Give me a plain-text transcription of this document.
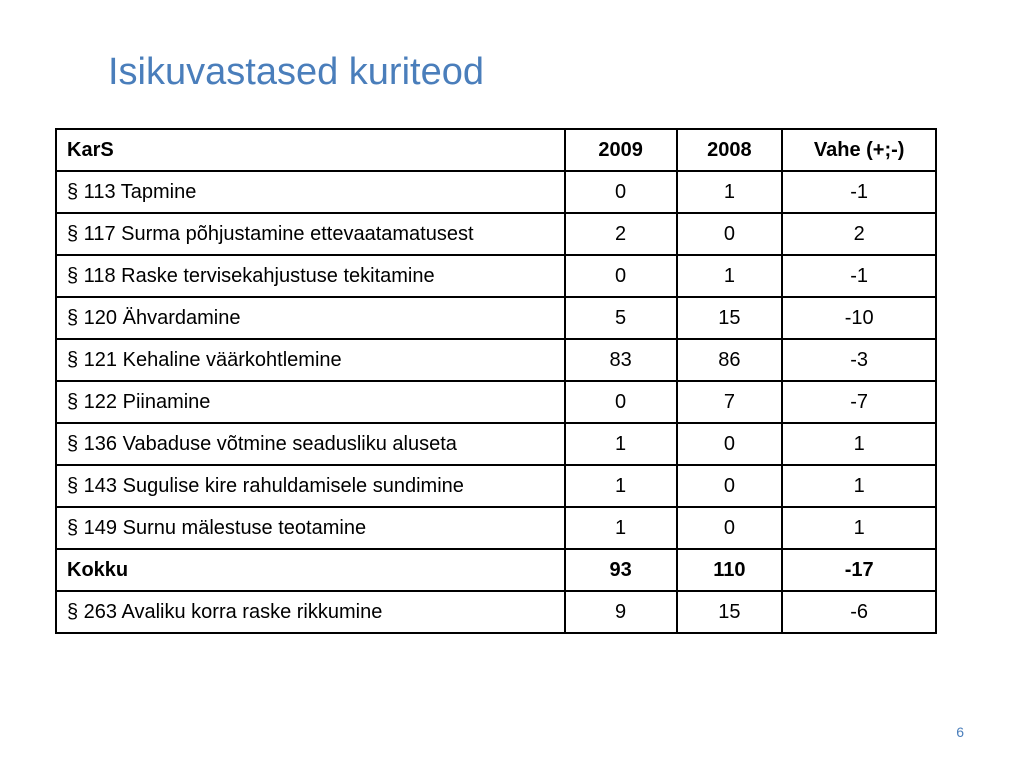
Isikuvastased kuriteod
KarS	2009	2008	Vahe (+;-)
§ 113 Tapmine	0	1	-1
§ 117 Surma põhjustamine ettevaatamatusest	2	0	2
§ 118 Raske tervisekahjustuse tekitamine	0	1	-1
§ 120 Ähvardamine	5	15	-10
§ 121 Kehaline väärkohtlemine	83	86	-3
§ 122 Piinamine	0	7	-7
§ 136 Vabaduse võtmine seadusliku aluseta	1	0	1
§ 143 Sugulise kire rahuldamisele sundimine	1	0	1
§ 149 Surnu mälestuse teotamine	1	0	1
Kokku	93	110	-17
§ 263 Avaliku korra raske rikkumine	9	15	-6
6
